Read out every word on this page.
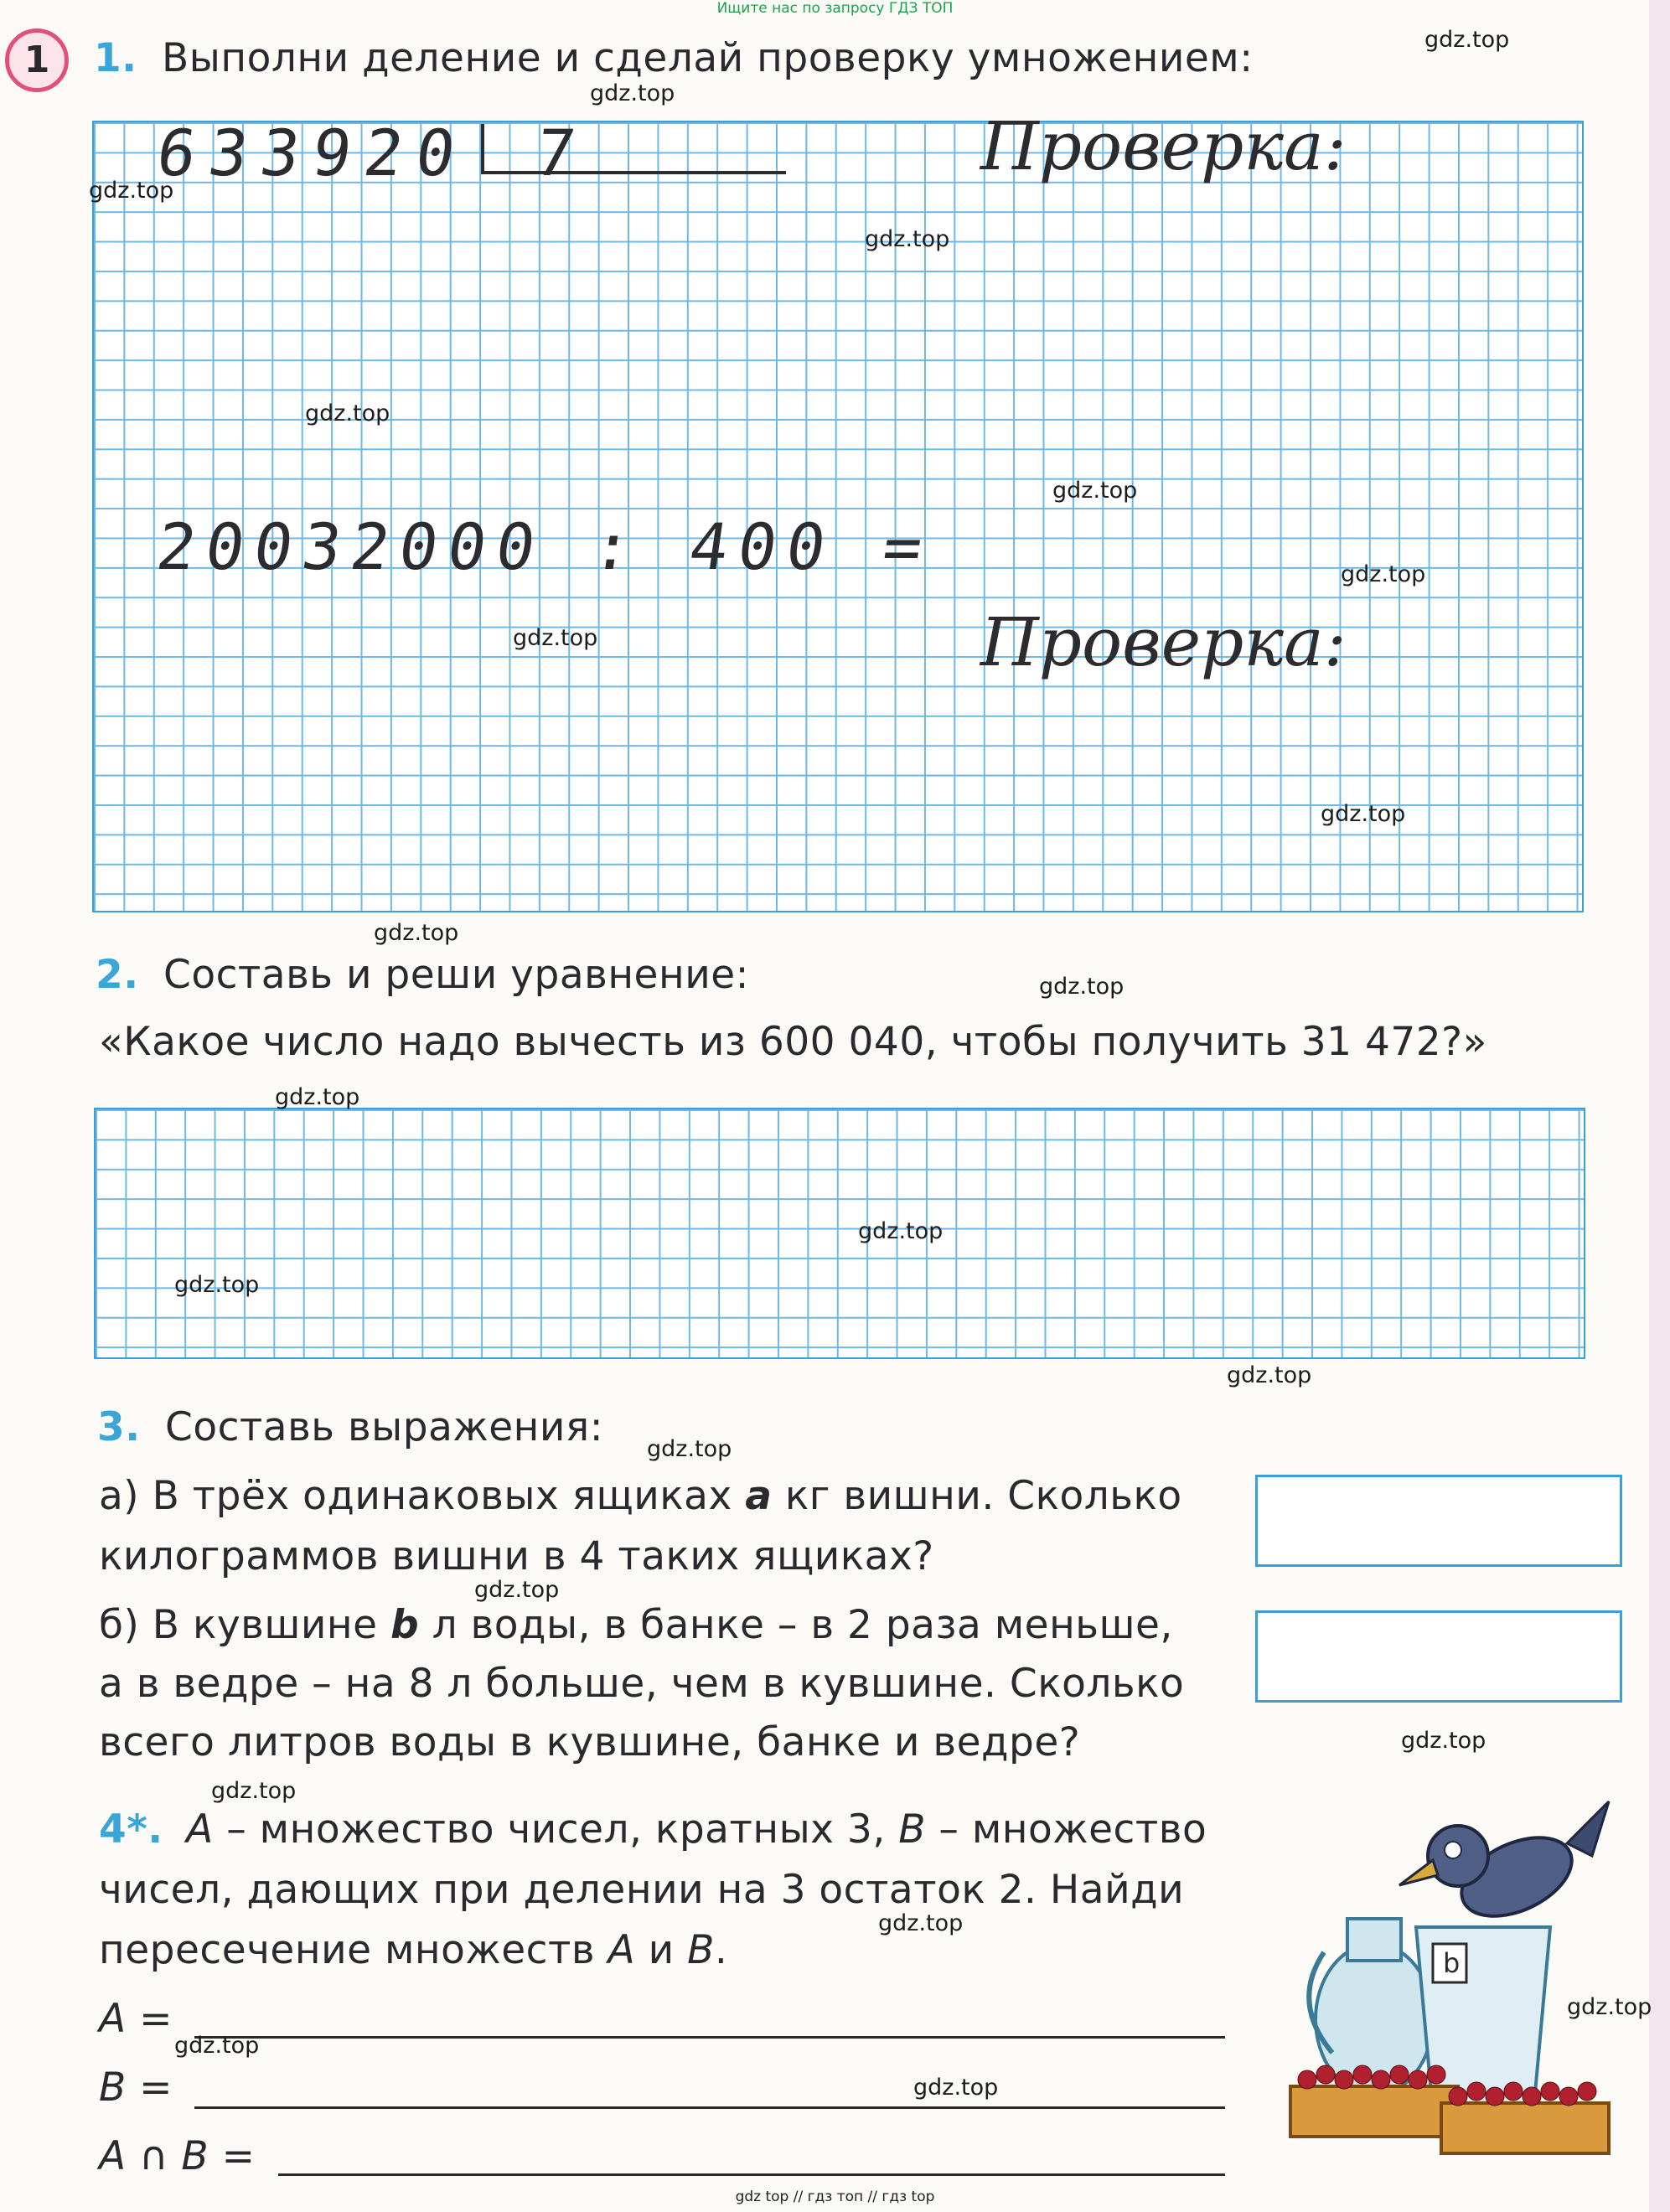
Ищите нас по запросу ГДЗ ТОП
1	1. Выполни деление и сделай проверку умножением:
633920 7	Проверка:
20032000 : 400 =
Проверка:
2. Составь и реши уравнение:
«Какое число надо вычесть из 600 040, чтобы получить 31 472?»
3. Составь выражения:
а) В трёх одинаковых ящиках a кг вишни. Сколько
килограммов вишни в 4 таких ящиках?
б) В кувшине b л воды, в банке – в 2 раза меньше,
а в ведре – на 8 л больше, чем в кувшине. Сколько
всего литров воды в кувшине, банке и ведре?
4*. A – множество чисел, кратных 3, B – множество
чисел, дающих при делении на 3 остаток 2. Найди
пересечение множеств A и B.
A =
B =
A ∩ B =
b
gdz.top
gdz.top
gdz.top
gdz.top
gdz.top
gdz.top
gdz.top
gdz.top
gdz.top
gdz.top
gdz.top
gdz.top
gdz.top
gdz.top
gdz.top
gdz.top
gdz.top
gdz.top
gdz.top
gdz.top
gdz.top
gdz.top
gdz.top
gdz top // гдз топ // гдз top
